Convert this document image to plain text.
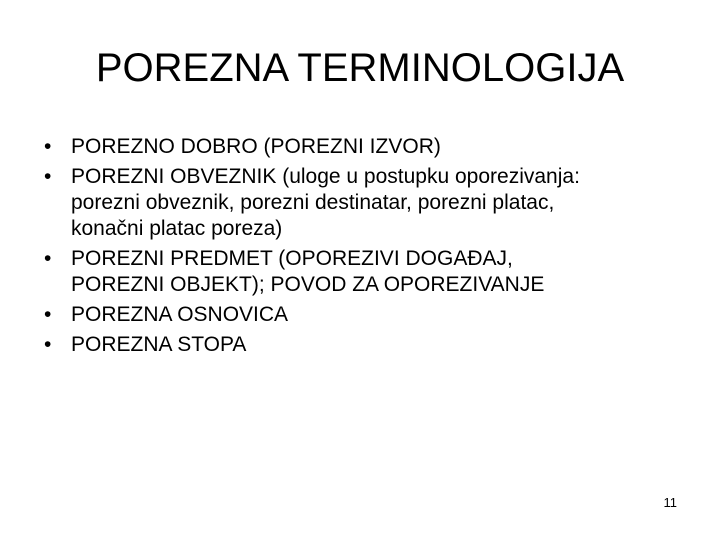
POREZNA TERMINOLOGIJA
• POREZNO DOBRO (POREZNI IZVOR)
• POREZNI OBVEZNIK (uloge u postupku oporezivanja:
porezni obveznik, porezni destinatar, porezni platac,
konačni platac poreza)
• POREZNI PREDMET (OPOREZIVI DOGAĐAJ,
POREZNI OBJEKT); POVOD ZA OPOREZIVANJE
• POREZNA OSNOVICA
• POREZNA STOPA
11
